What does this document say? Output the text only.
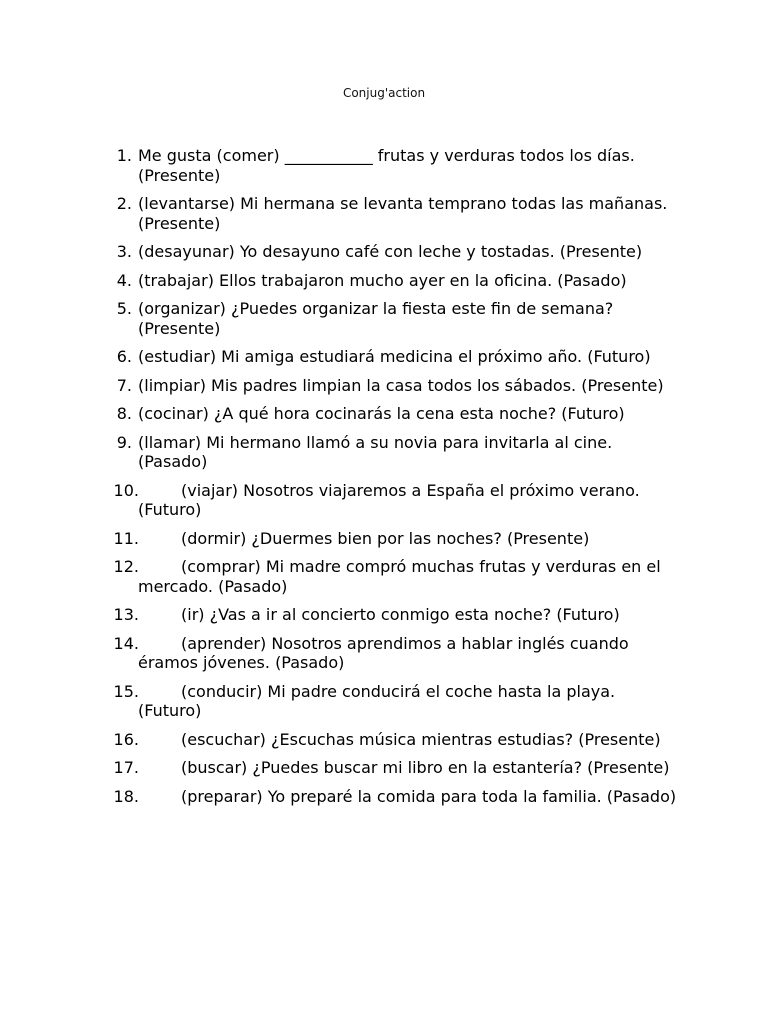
Conjug'action
1. Me gusta (comer) ___________ frutas y verduras todos los días. (Presente)
2. (levantarse) Mi hermana se levanta temprano todas las mañanas. (Presente)
3. (desayunar) Yo desayuno café con leche y tostadas. (Presente)
4. (trabajar) Ellos trabajaron mucho ayer en la oficina. (Pasado)
5. (organizar) ¿Puedes organizar la fiesta este fin de semana? (Presente)
6. (estudiar) Mi amiga estudiará medicina el próximo año. (Futuro)
7. (limpiar) Mis padres limpian la casa todos los sábados. (Presente)
8. (cocinar) ¿A qué hora cocinarás la cena esta noche? (Futuro)
9. (llamar) Mi hermano llamó a su novia para invitarla al cine. (Pasado)
10.	(viajar) Nosotros viajaremos a España el próximo verano. (Futuro)
11.	(dormir) ¿Duermes bien por las noches? (Presente)
12.	(comprar) Mi madre compró muchas frutas y verduras en el mercado. (Pasado)
13.	(ir) ¿Vas a ir al concierto conmigo esta noche? (Futuro)
14.	(aprender) Nosotros aprendimos a hablar inglés cuando éramos jóvenes. (Pasado)
15.	(conducir) Mi padre conducirá el coche hasta la playa. (Futuro)
16.	(escuchar) ¿Escuchas música mientras estudias? (Presente)
17.	(buscar) ¿Puedes buscar mi libro en la estantería? (Presente)
18.	(preparar) Yo preparé la comida para toda la familia. (Pasado)
